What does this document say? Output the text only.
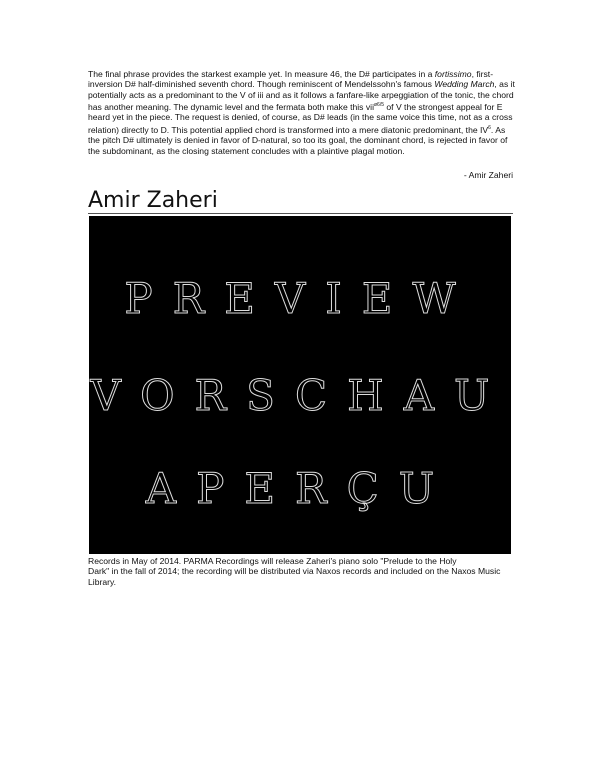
The final phrase provides the starkest example yet. In measure 46, the D# participates in a fortissimo, first-inversion D# half-diminished seventh chord. Though reminiscent of Mendelssohn's famous Wedding March, as it potentially acts as a predominant to the V of iii and as it follows a fanfare-like arpeggiation of the tonic, the chord has another meaning. The dynamic level and the fermata both make this vii$^{ø6/5}$ of V the strongest appeal for E heard yet in the piece. The request is denied, of course, as D# leads (in the same voice this time, not as a cross relation) directly to D. This potential applied chord is transformed into a mere diatonic predominant, the $IV^6$. As the pitch D# ultimately is denied in favor of D-natural, so too its goal, the dominant chord, is rejected in favor of the subdominant, as the closing statement concludes with a plaintive plagal motion.
- Amir Zaheri
Amir Zaheri
PREVIEW
VORSCHAU
APERÇU
Records in May of 2014. PARMA Recordings will release Zaheri's piano solo "Prelude to the Holy
Dark" in the fall of 2014; the recording will be distributed via Naxos records and included on the Naxos Music Library.
